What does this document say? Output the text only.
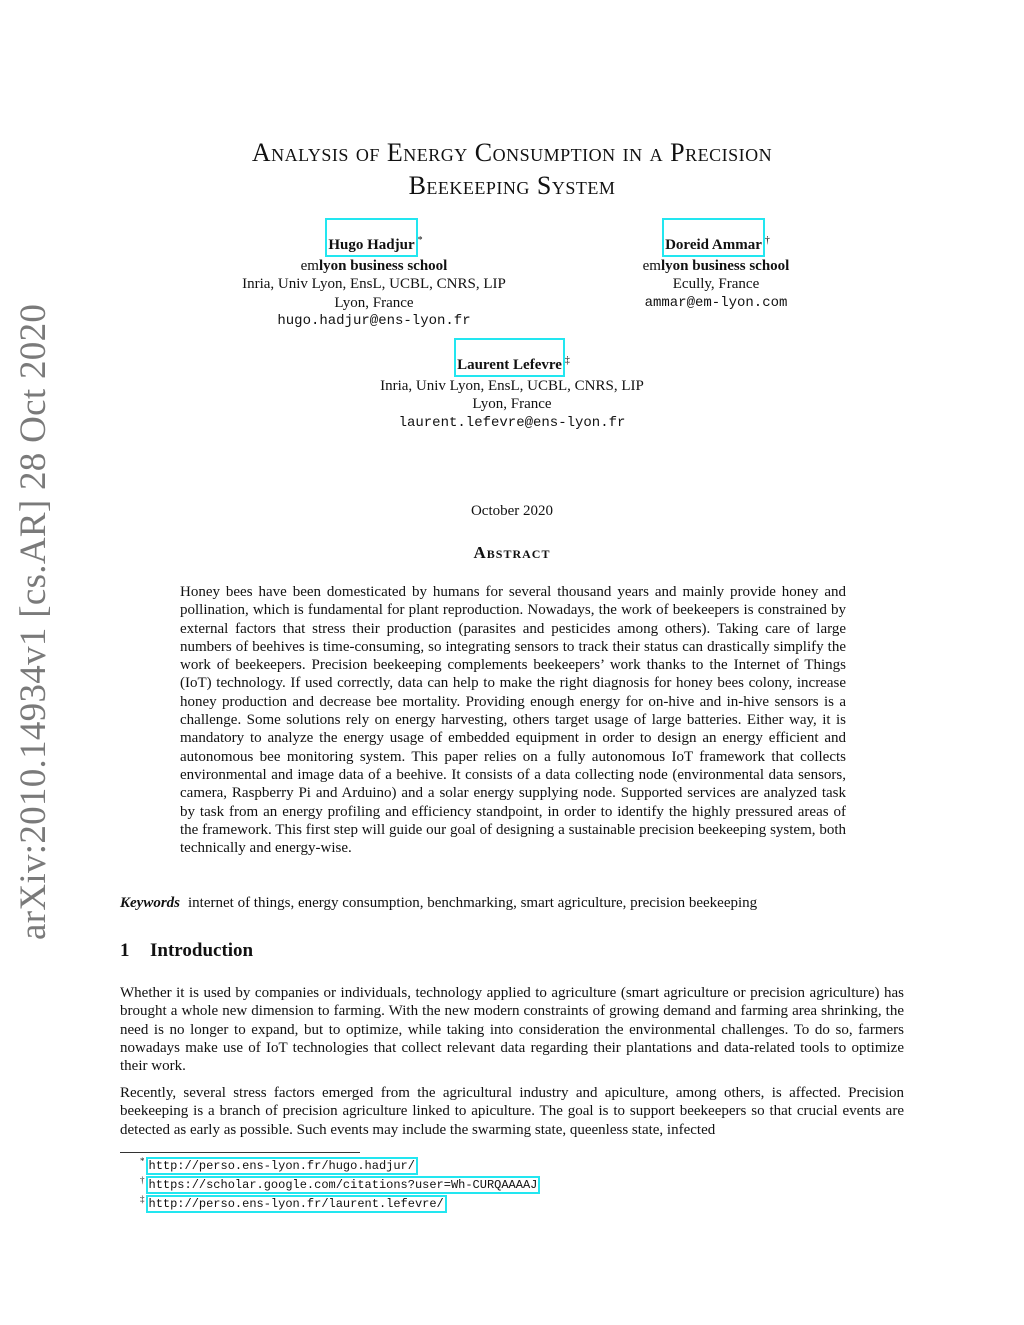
arXiv:2010.14934v1 [cs.AR] 28 Oct 2020
Analysis of Energy Consumption in a Precision
Beekeeping System
Hugo Hadjur *
emlyon business school
Inria, Univ Lyon, EnsL, UCBL, CNRS, LIP
Lyon, France
hugo.hadjur@ens-lyon.fr
Doreid Ammar †
emlyon business school
Ecully, France
ammar@em-lyon.com
Laurent Lefevre ‡
Inria, Univ Lyon, EnsL, UCBL, CNRS, LIP
Lyon, France
laurent.lefevre@ens-lyon.fr
October 2020
Abstract
Honey bees have been domesticated by humans for several thousand years and mainly provide honey and pollination, which is fundamental for plant reproduction. Nowadays, the work of beekeepers is constrained by external factors that stress their production (parasites and pesticides among others). Taking care of large numbers of beehives is time-consuming, so integrating sensors to track their status can drastically simplify the work of beekeepers. Precision beekeeping complements beekeepers’ work thanks to the Internet of Things (IoT) technology. If used correctly, data can help to make the right diagnosis for honey bees colony, increase honey production and decrease bee mortality. Providing enough energy for on-hive and in-hive sensors is a challenge. Some solutions rely on energy harvesting, others target usage of large batteries. Either way, it is mandatory to analyze the energy usage of embedded equipment in order to design an energy efficient and autonomous bee monitoring system. This paper relies on a fully autonomous IoT framework that collects environmental and image data of a beehive. It consists of a data collecting node (environmental data sensors, camera, Raspberry Pi and Arduino) and a solar energy supplying node. Supported services are analyzed task by task from an energy profiling and efficiency standpoint, in order to identify the highly pressured areas of the framework. This first step will guide our goal of designing a sustainable precision beekeeping system, both technically and energy-wise.
Keywords internet of things, energy consumption, benchmarking, smart agriculture, precision beekeeping
1 Introduction
Whether it is used by companies or individuals, technology applied to agriculture (smart agriculture or precision agriculture) has brought a whole new dimension to farming. With the new modern constraints of growing demand and farming area shrinking, the need is no longer to expand, but to optimize, while taking into consideration the environmental challenges. To do so, farmers nowadays make use of IoT technologies that collect relevant data regarding their plantations and data-related tools to optimize their work.
Recently, several stress factors emerged from the agricultural industry and apiculture, among others, is affected. Precision beekeeping is a branch of precision agriculture linked to apiculture. The goal is to support beekeepers so that crucial events are detected as early as possible. Such events may include the swarming state, queenless state, infected
* http://perso.ens-lyon.fr/hugo.hadjur/
† https://scholar.google.com/citations?user=Wh-CURQAAAAJ
‡ http://perso.ens-lyon.fr/laurent.lefevre/
